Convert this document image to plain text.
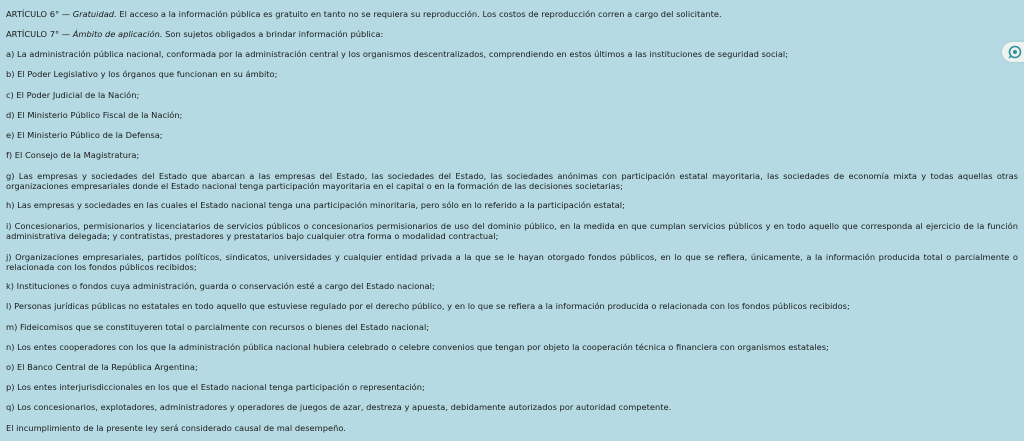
ARTÍCULO 6° — Gratuidad. El acceso a la información pública es gratuito en tanto no se requiera su reproducción. Los costos de reproducción corren a cargo del solicitante.

ARTÍCULO 7° — Ámbito de aplicación. Son sujetos obligados a brindar información pública:

a) La administración pública nacional, conformada por la administración central y los organismos descentralizados, comprendiendo en estos últimos a las instituciones de seguridad social;

b) El Poder Legislativo y los órganos que funcionan en su ámbito;

c) El Poder Judicial de la Nación;

d) El Ministerio Público Fiscal de la Nación;

e) El Ministerio Público de la Defensa;

f) El Consejo de la Magistratura;

g) Las empresas y sociedades del Estado que abarcan a las empresas del Estado, las sociedades del Estado, las sociedades anónimas con participación estatal mayoritaria, las sociedades de economía mixta y todas aquellas otras organizaciones empresariales donde el Estado nacional tenga participación mayoritaria en el capital o en la formación de las decisiones societarias;

h) Las empresas y sociedades en las cuales el Estado nacional tenga una participación minoritaria, pero sólo en lo referido a la participación estatal;

i) Concesionarios, permisionarios y licenciatarios de servicios públicos o concesionarios permisionarios de uso del dominio público, en la medida en que cumplan servicios públicos y en todo aquello que corresponda al ejercicio de la función administrativa delegada; y contratistas, prestadores y prestatarios bajo cualquier otra forma o modalidad contractual;

j) Organizaciones empresariales, partidos políticos, sindicatos, universidades y cualquier entidad privada a la que se le hayan otorgado fondos públicos, en lo que se refiera, únicamente, a la información producida total o parcialmente o relacionada con los fondos públicos recibidos;

k) Instituciones o fondos cuya administración, guarda o conservación esté a cargo del Estado nacional;

l) Personas jurídicas públicas no estatales en todo aquello que estuviese regulado por el derecho público, y en lo que se refiera a la información producida o relacionada con los fondos públicos recibidos;

m) Fideicomisos que se constituyeren total o parcialmente con recursos o bienes del Estado nacional;

n) Los entes cooperadores con los que la administración pública nacional hubiera celebrado o celebre convenios que tengan por objeto la cooperación técnica o financiera con organismos estatales;

o) El Banco Central de la República Argentina;

p) Los entes interjurisdiccionales en los que el Estado nacional tenga participación o representación;

q) Los concesionarios, explotadores, administradores y operadores de juegos de azar, destreza y apuesta, debidamente autorizados por autoridad competente.

El incumplimiento de la presente ley será considerado causal de mal desempeño.
